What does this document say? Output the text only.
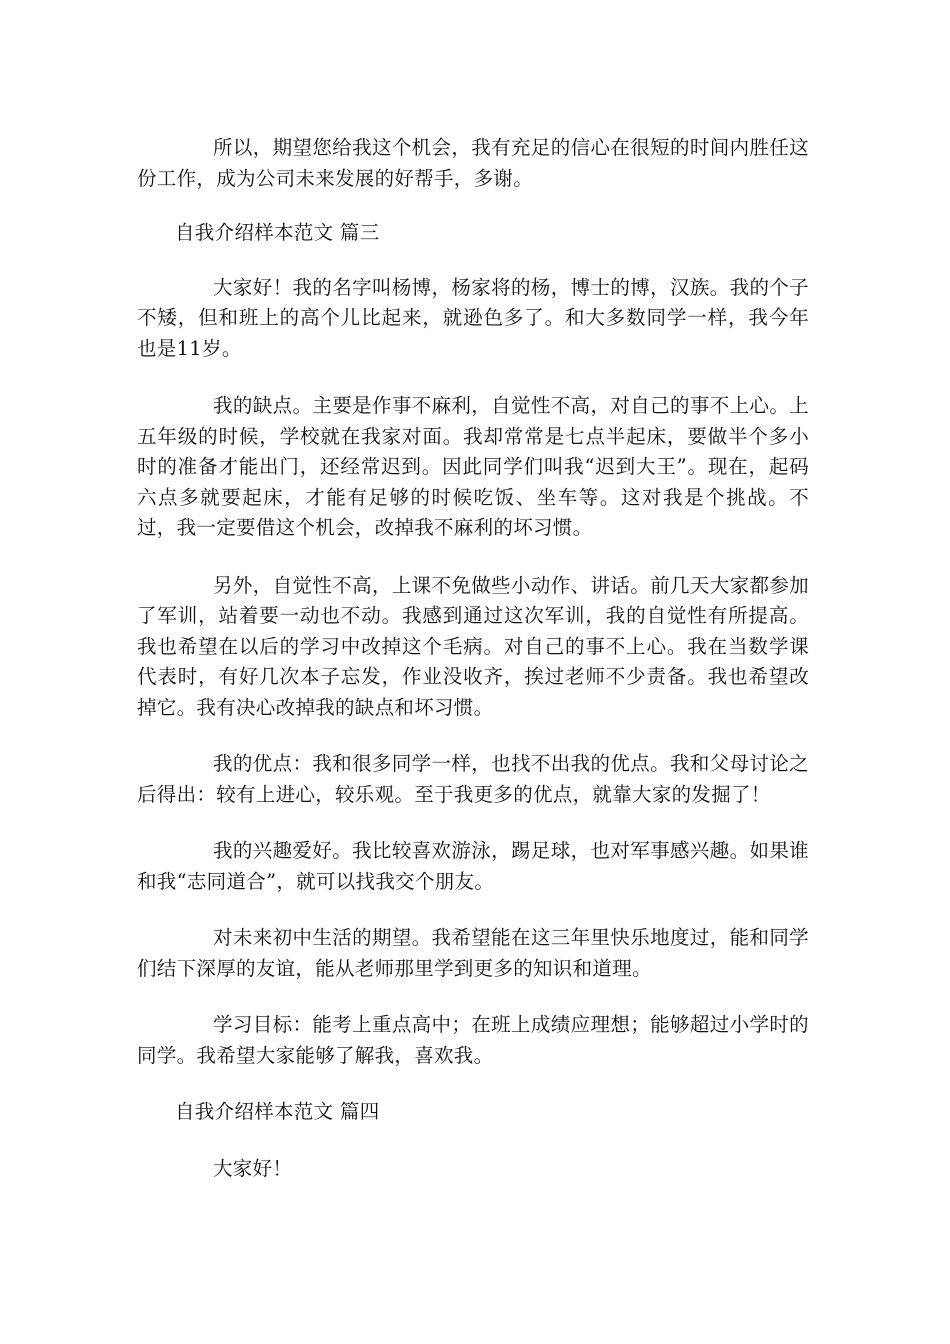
所以，期望您给我这个机会，我有充足的信心在很短的时间内胜任这份工作，成为公司未来发展的好帮手，多谢。

自我介绍样本范文 篇三

大家好！我的名字叫杨博，杨家将的杨，博士的博，汉族。我的个子不矮，但和班上的高个儿比起来，就逊色多了。和大多数同学一样，我今年也是11岁。

我的缺点。主要是作事不麻利，自觉性不高，对自己的事不上心。上五年级的时候，学校就在我家对面。我却常常是七点半起床，要做半个多小时的准备才能出门，还经常迟到。因此同学们叫我“迟到大王”。现在，起码六点多就要起床，才能有足够的时候吃饭、坐车等。这对我是个挑战。不过，我一定要借这个机会，改掉我不麻利的坏习惯。

另外，自觉性不高，上课不免做些小动作、讲话。前几天大家都参加了军训，站着要一动也不动。我感到通过这次军训，我的自觉性有所提高。我也希望在以后的学习中改掉这个毛病。对自己的事不上心。我在当数学课代表时，有好几次本子忘发，作业没收齐，挨过老师不少责备。我也希望改掉它。我有决心改掉我的缺点和坏习惯。

我的优点：我和很多同学一样，也找不出我的优点。我和父母讨论之后得出：较有上进心，较乐观。至于我更多的优点，就靠大家的发掘了！

我的兴趣爱好。我比较喜欢游泳，踢足球，也对军事感兴趣。如果谁和我“志同道合”，就可以找我交个朋友。

对未来初中生活的期望。我希望能在这三年里快乐地度过，能和同学们结下深厚的友谊，能从老师那里学到更多的知识和道理。

学习目标：能考上重点高中；在班上成绩应理想；能够超过小学时的同学。我希望大家能够了解我，喜欢我。

自我介绍样本范文 篇四

大家好！
